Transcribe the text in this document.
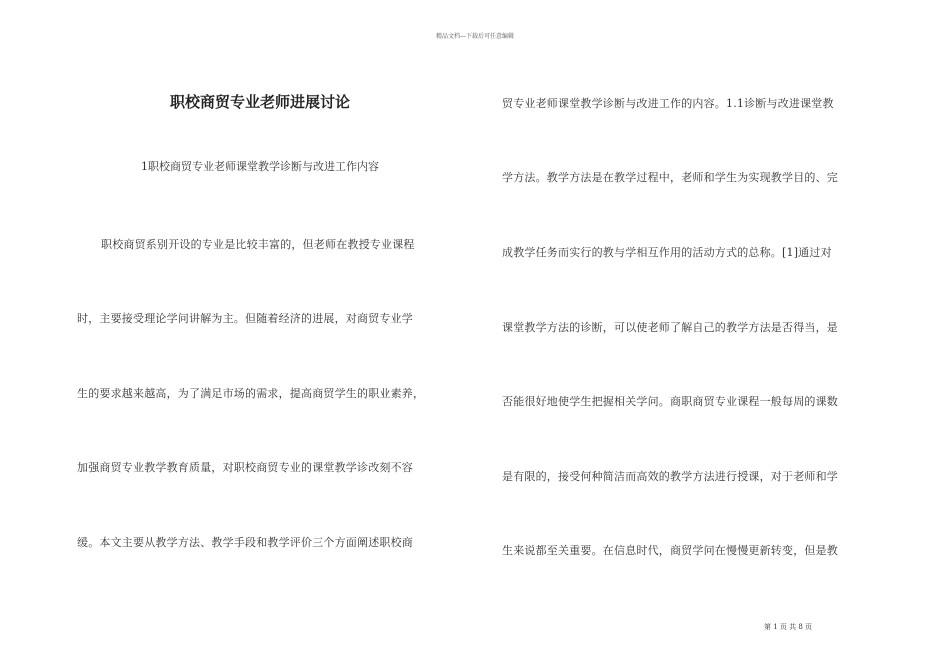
精品文档---下载后可任意编辑
职校商贸专业老师进展讨论
1职校商贸专业老师课堂教学诊断与改进工作内容
职校商贸系别开设的专业是比较丰富的，但老师在教授专业课程
时，主要接受理论学问讲解为主。但随着经济的进展，对商贸专业学
生的要求越来越高，为了满足市场的需求，提高商贸学生的职业素养，
加强商贸专业教学教育质量，对职校商贸专业的课堂教学诊改刻不容
缓。本文主要从教学方法、教学手段和教学评价三个方面阐述职校商
贸专业老师课堂教学诊断与改进工作的内容。1.1诊断与改进课堂教
学方法。教学方法是在教学过程中，老师和学生为实现教学目的、完
成教学任务而实行的教与学相互作用的活动方式的总称。[1]通过对
课堂教学方法的诊断，可以使老师了解自己的教学方法是否得当，是
否能很好地使学生把握相关学问。商职商贸专业课程一般每周的课数
是有限的，接受何种简洁而高效的教学方法进行授课，对于老师和学
生来说都至关重要。在信息时代，商贸学问在慢慢更新转变，但是教
第 1 页 共 8 页
